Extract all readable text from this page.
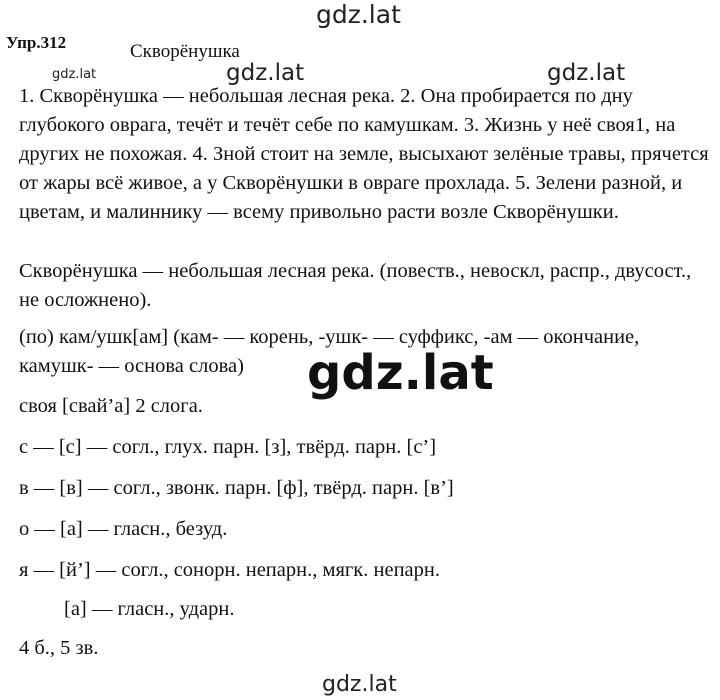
gdz.lat
Упр.312	Скворёнушка
gdz.lat	gdz.lat	gdz.lat
1. Скворёнушка — небольшая лесная река. 2. Она пробирается по дну глубокого оврага, течёт и течёт себе по камушкам. 3. Жизнь у неё своя1, на других не похожая. 4. Зной стоит на земле, высыхают зелёные травы, прячется от жары всё живое, а у Скворёнушки в овраге прохлада. 5. Зелени разной, и цветам, и малиннику — всему привольно расти возле Скворёнушки.
Скворёнушка — небольшая лесная река. (повеств., невоскл, распр., двусост., не осложнено).
(по) кам/ушк[ам] (кам- — корень, -ушк- — суффикс, -ам — окончание, камушк- — основа слова)	gdz.lat
своя [свай’а] 2 слога.
с — [с] — согл., глух. парн. [з], твёрд. парн. [с’]
в — [в] — согл., звонк. парн. [ф], твёрд. парн. [в’]
о — [а] — гласн., безуд.
я — [й’] — согл., сонорн. непарн., мягк. непарн.
[а] — гласн., ударн.
4 б., 5 зв.
gdz.lat
